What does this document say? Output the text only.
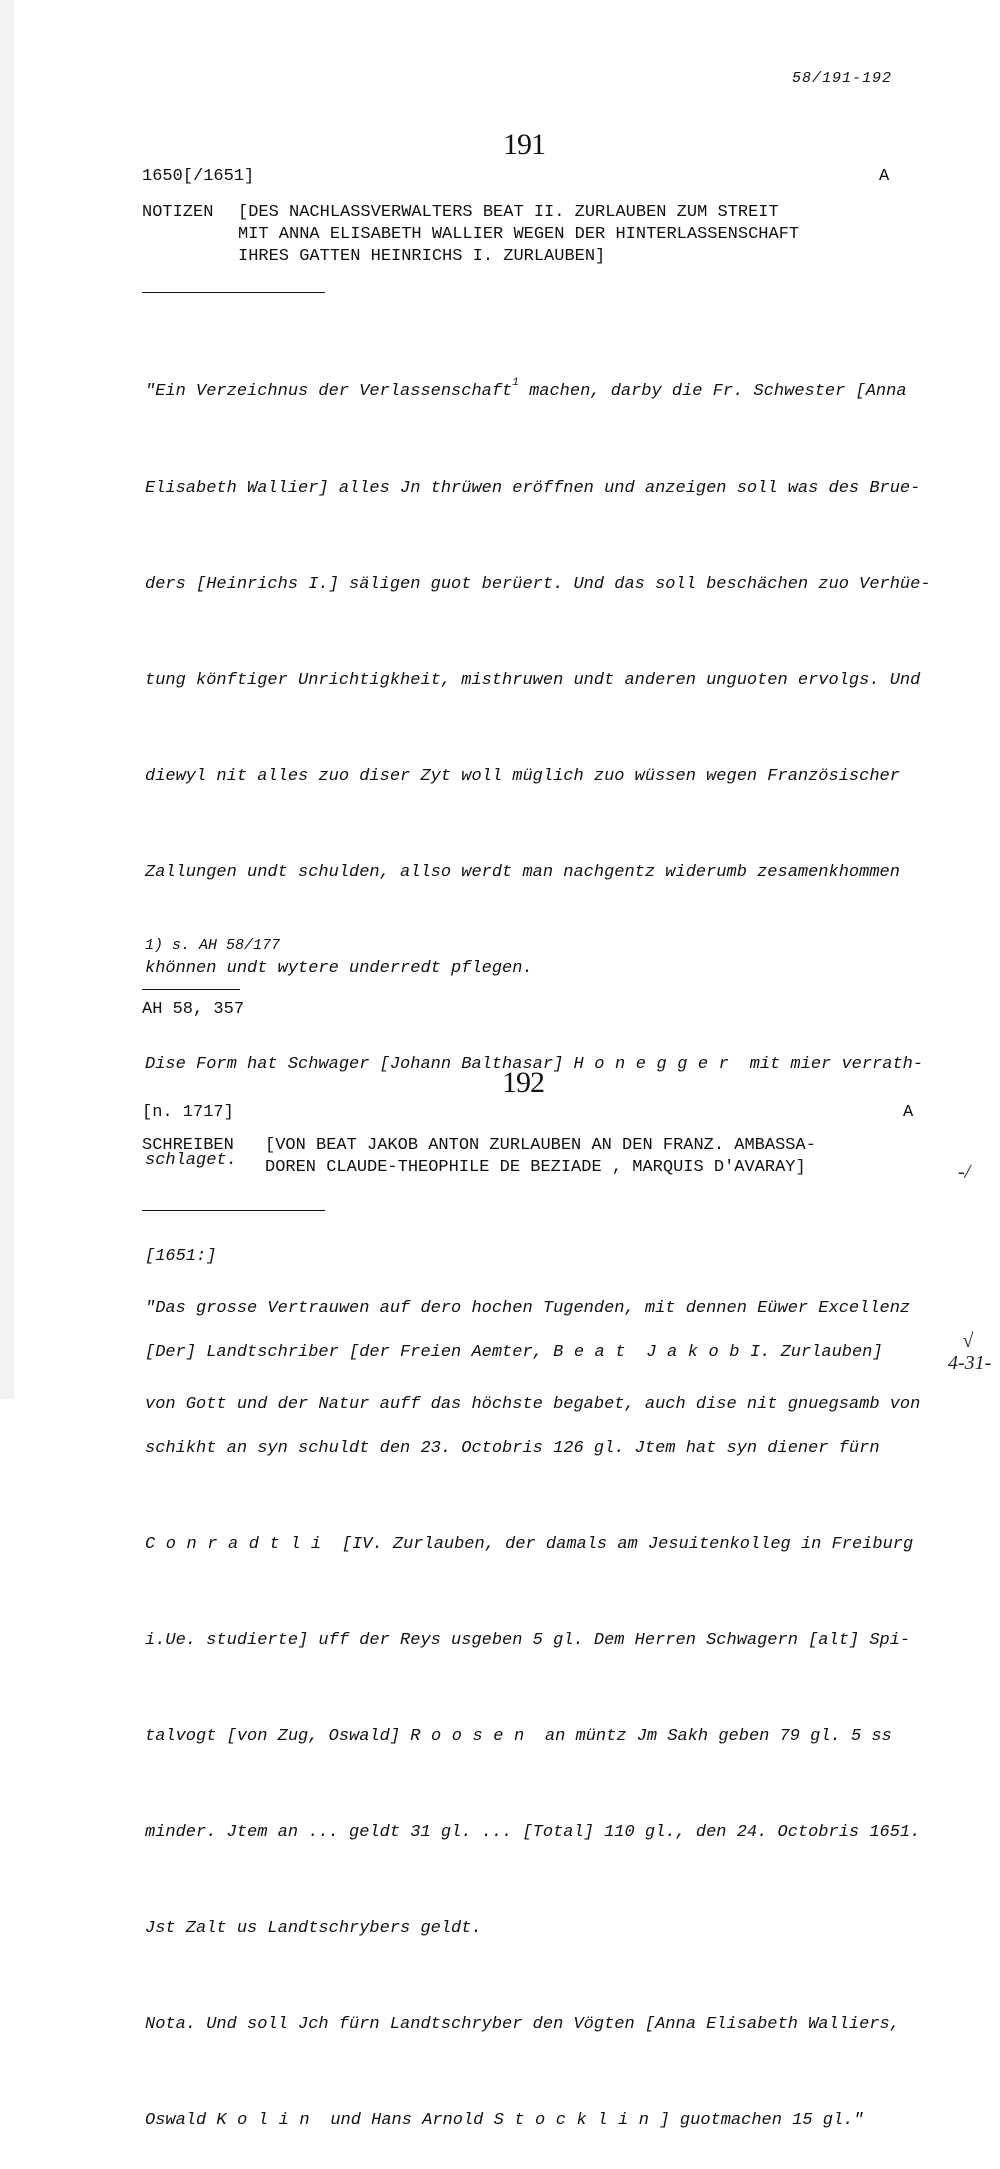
58/191-192
191
1650[/1651]	A
NOTIZEN [DES NACHLASSVERWALTERS BEAT II. ZURLAUBEN ZUM STREIT
MIT ANNA ELISABETH WALLIER WEGEN DER HINTERLASSENSCHAFT
IHRES GATTEN HEINRICHS I. ZURLAUBEN]

"Ein Verzeichnus der Verlassenschaft$^1$ machen, darby die Fr. Schwester [Anna

Elisabeth Wallier] alles Jn thrüwen eröffnen und anzeigen soll was des Brue-

ders [Heinrichs I.] säligen guot berüert. Und das soll beschächen zuo Verhüe-

tung könftiger Unrichtigkheit, misthruwen undt anderen unguoten ervolgs. Und

diewyl nit alles zuo diser Zyt woll müglich zuo wüssen wegen Französischer

Zallungen undt schulden, allso werdt man nachgentz widerumb zesamenkhommen

khönnen undt wytere underredt pflegen.

Dise Form hat Schwager [Johann Balthasar] Honegger mit mier verrath-

schlaget.

[1651:]

[Der] Landtschriber [der Freien Aemter, Beat JakobI. Zurlauben]

schikht an syn schuldt den 23. Octobris 126 gl. Jtem hat syn diener fürn

Conradtli [IV. Zurlauben, der damals am Jesuitenkolleg in Freiburg

i.Ue. studierte] uff der Reys usgeben 5 gl. Dem Herren Schwagern [alt] Spi-

talvogt [von Zug, Oswald] Roosen an müntz Jm Sakh geben 79 gl. 5 ss

minder. Jtem an ... geldt 31 gl. ... [Total] 110 gl., den 24. Octobris 1651.

Jst Zalt us Landtschrybers geldt.

Nota. Und soll Jch fürn Landtschryber den Vögten [Anna Elisabeth Walliers,

Oswald Kolin und Hans Arnold Stocklin] guotmachen 15 gl."

1) s. AH 58/177
AH 58, 357
192
[n. 1717]	A
SCHREIBEN [VON BEAT JAKOB ANTON ZURLAUBEN AN DEN FRANZ. AMBASSA-
DOREN CLAUDE-THEOPHILE DE BEZIADE , MARQUIS D'AVARAY]	-/

"Das grosse Vertrauwen auf dero hochen Tugenden, mit dennen Eüwer Excellenz

von Gott und der Natur auff das höchste begabet, auch dise nit gnuegsamb von

√
4-31-
